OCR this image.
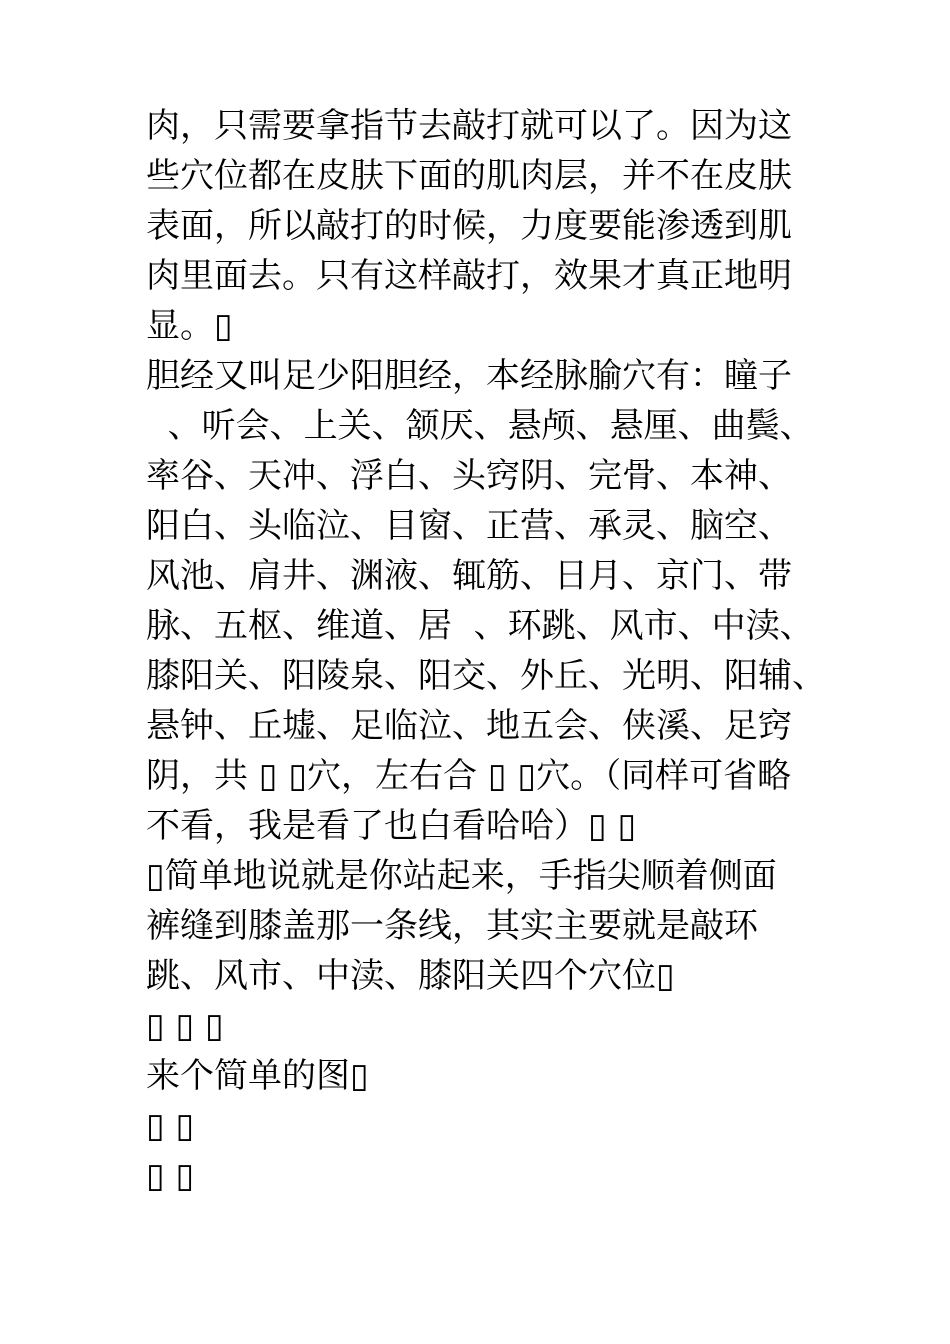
肉，只需要拿指节去敲打就可以了。因为这
些穴位都在皮肤下面的肌肉层，并不在皮肤
表面，所以敲打的时候，力度要能渗透到肌
肉里面去。只有这样敲打，效果才真正地明
显。▯
胆经又叫足少阳胆经，本经脉腧穴有：瞳子
、听会、上关、颔厌、悬颅、悬厘、曲鬓、
率谷、天冲、浮白、头窍阴、完骨、本神、
阳白、头临泣、目窗、正营、承灵、脑空、
风池、肩井、渊液、辄筋、日月、京门、带
脉、五枢、维道、居  、环跳、风市、中渎、
膝阳关、阳陵泉、阳交、外丘、光明、阳辅、
悬钟、丘墟、足临泣、地五会、侠溪、足窍
阴，共 ▯ ▯穴，左右合 ▯ ▯穴。（同样可省略
不看，我是看了也白看哈哈）▯ ▯
▯简单地说就是你站起来，手指尖顺着侧面
裤缝到膝盖那一条线，其实主要就是敲环
跳、风市、中渎、膝阳关四个穴位▯
▯ ▯ ▯
来个简单的图▯
▯ ▯
▯ ▯
